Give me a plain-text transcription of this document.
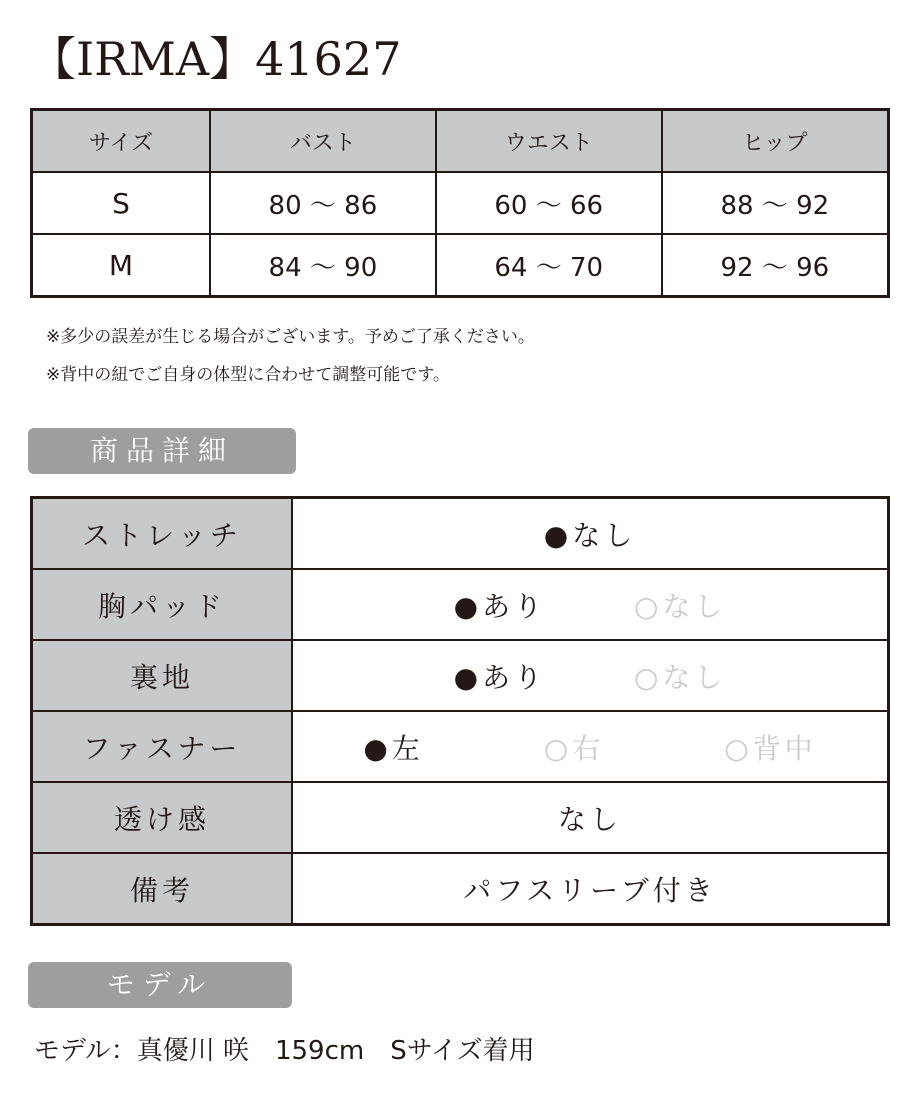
【IRMA】41627
サイズ	バスト	ウエスト	ヒップ
S	80 ～ 86	60 ～ 66	88 ～ 92
M	84 ～ 90	64 ～ 70	92 ～ 96
※多少の誤差が生じる場合がございます。予めご了承ください。
※背中の紐でご自身の体型に合わせて調整可能です。
商品詳細
ストレッチ	●なし

胸パッド	●あり ○なし

裏地	●あり ○なし

ファスナー	●左 ○右 ○背中

透け感	なし

備考	パフスリーブ付き
モデル
モデル：真優川 咲　159cm　Sサイズ着用
